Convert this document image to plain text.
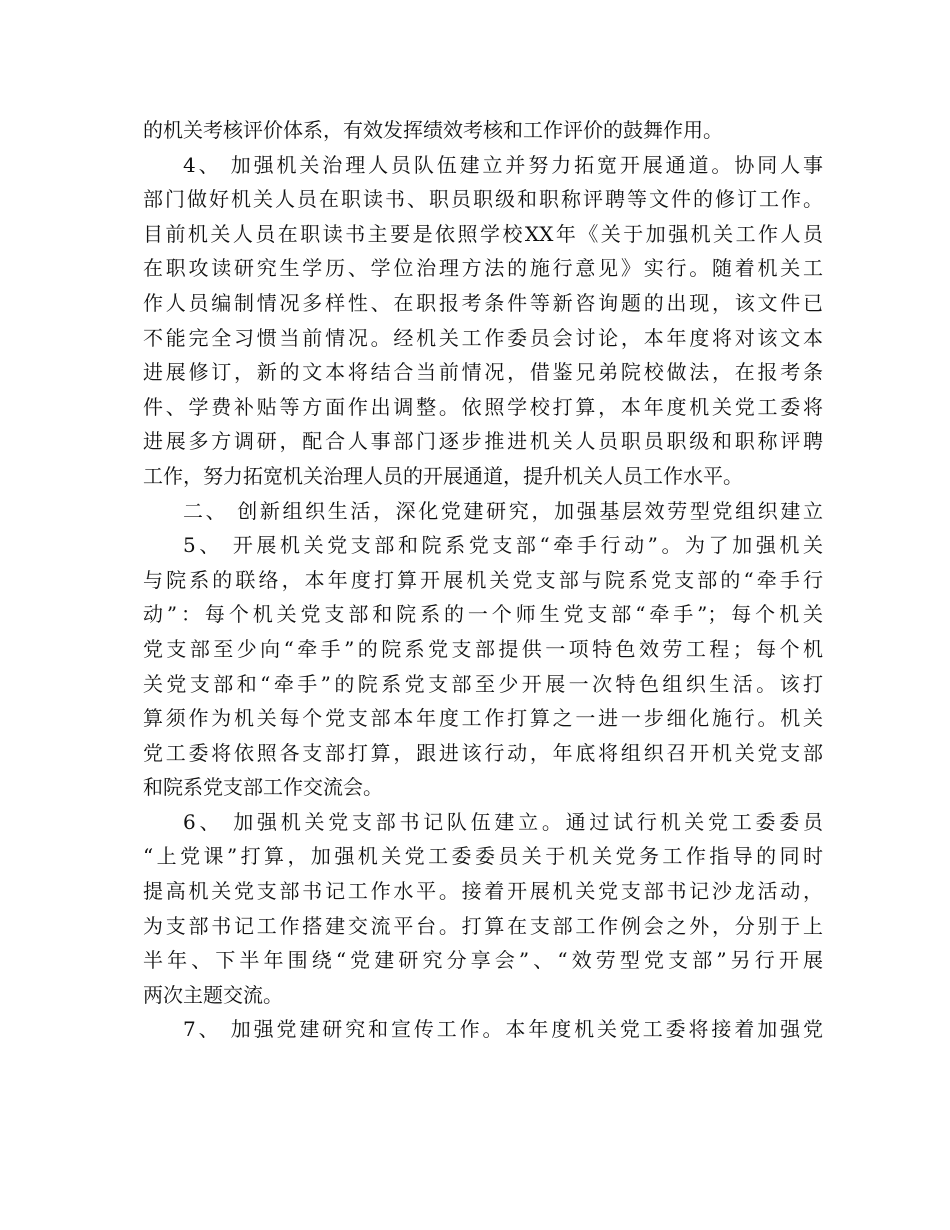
的机关考核评价体系，有效发挥绩效考核和工作评价的鼓舞作用。
4、 加强机关治理人员队伍建立并努力拓宽开展通道。协同人事
部门做好机关人员在职读书、职员职级和职称评聘等文件的修订工作。
目前机关人员在职读书主要是依照学校XX年《关于加强机关工作人员
在职攻读研究生学历、学位治理方法的施行意见》实行。随着机关工
作人员编制情况多样性、在职报考条件等新咨询题的出现，该文件已
不能完全习惯当前情况。经机关工作委员会讨论，本年度将对该文本
进展修订，新的文本将结合当前情况，借鉴兄弟院校做法，在报考条
件、学费补贴等方面作出调整。依照学校打算，本年度机关党工委将
进展多方调研，配合人事部门逐步推进机关人员职员职级和职称评聘
工作，努力拓宽机关治理人员的开展通道，提升机关人员工作水平。
二、 创新组织生活，深化党建研究，加强基层效劳型党组织建立
5、 开展机关党支部和院系党支部“牵手行动”。为了加强机关
与院系的联络，本年度打算开展机关党支部与院系党支部的“牵手行
动”：每个机关党支部和院系的一个师生党支部“牵手”；每个机关
党支部至少向“牵手”的院系党支部提供一项特色效劳工程；每个机
关党支部和“牵手”的院系党支部至少开展一次特色组织生活。该打
算须作为机关每个党支部本年度工作打算之一进一步细化施行。机关
党工委将依照各支部打算，跟进该行动，年底将组织召开机关党支部
和院系党支部工作交流会。
6、 加强机关党支部书记队伍建立。通过试行机关党工委委员
“上党课”打算，加强机关党工委委员关于机关党务工作指导的同时
提高机关党支部书记工作水平。接着开展机关党支部书记沙龙活动，
为支部书记工作搭建交流平台。打算在支部工作例会之外，分别于上
半年、下半年围绕“党建研究分享会”、“效劳型党支部”另行开展
两次主题交流。
7、 加强党建研究和宣传工作。本年度机关党工委将接着加强党
